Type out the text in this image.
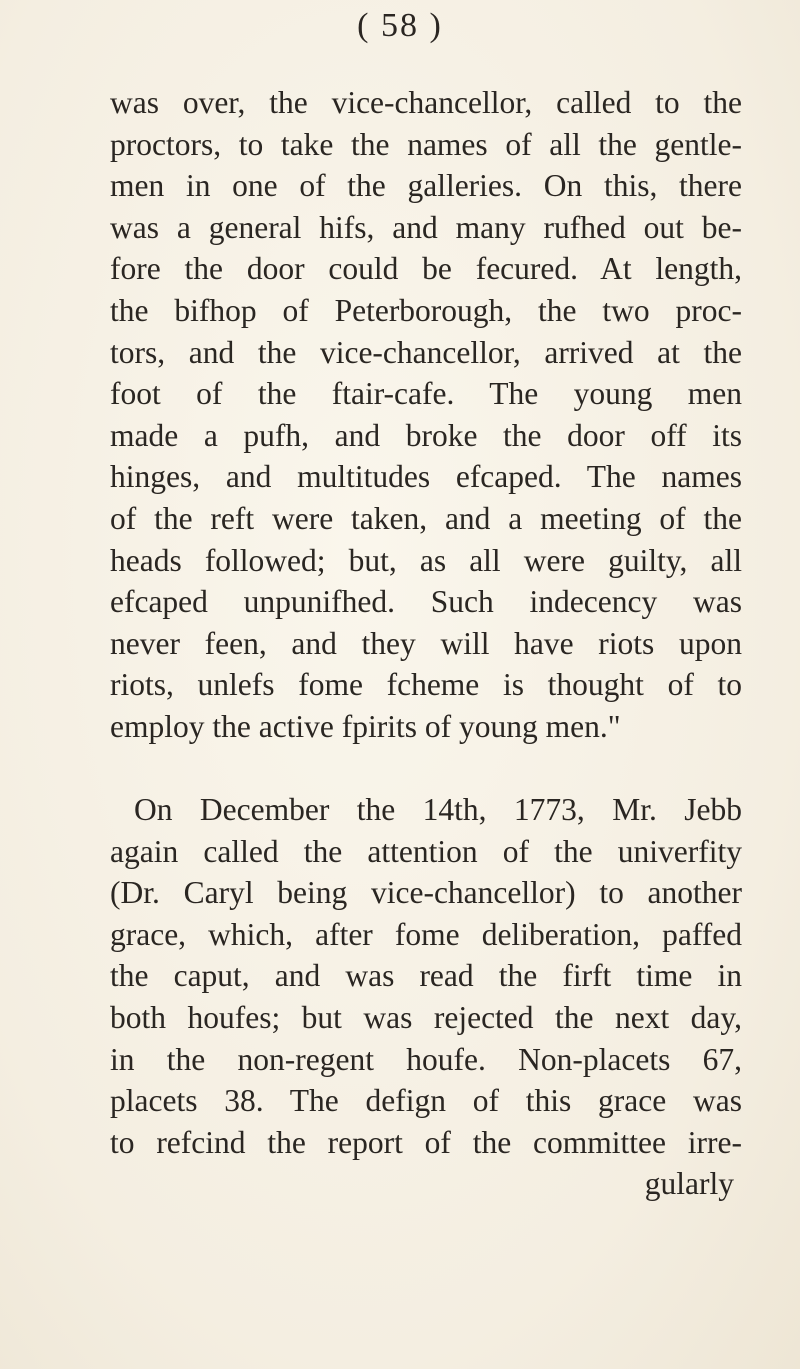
( 58 )
was over, the vice-chancellor, called to the
proctors, to take the names of all the gentle-
men in one of the galleries. On this, there
was a general hifs, and many rufhed out be-
fore the door could be fecured. At length,
the bifhop of Peterborough, the two proc-
tors, and the vice-chancellor, arrived at the
foot of the ftair-cafe. The young men
made a pufh, and broke the door off its
hinges, and multitudes efcaped. The names
of the reft were taken, and a meeting of the
heads followed; but, as all were guilty, all
efcaped unpunifhed. Such indecency was
never feen, and they will have riots upon
riots, unlefs fome fcheme is thought of to
employ the active fpirits of young men."
On December the 14th, 1773, Mr. Jebb
again called the attention of the univerfity
(Dr. Caryl being vice-chancellor) to another
grace, which, after fome deliberation, paffed
the caput, and was read the firft time in
both houfes; but was rejected the next day,
in the non-regent houfe. Non-placets 67,
placets 38. The defign of this grace was
to refcind the report of the committee irre-
gularly
